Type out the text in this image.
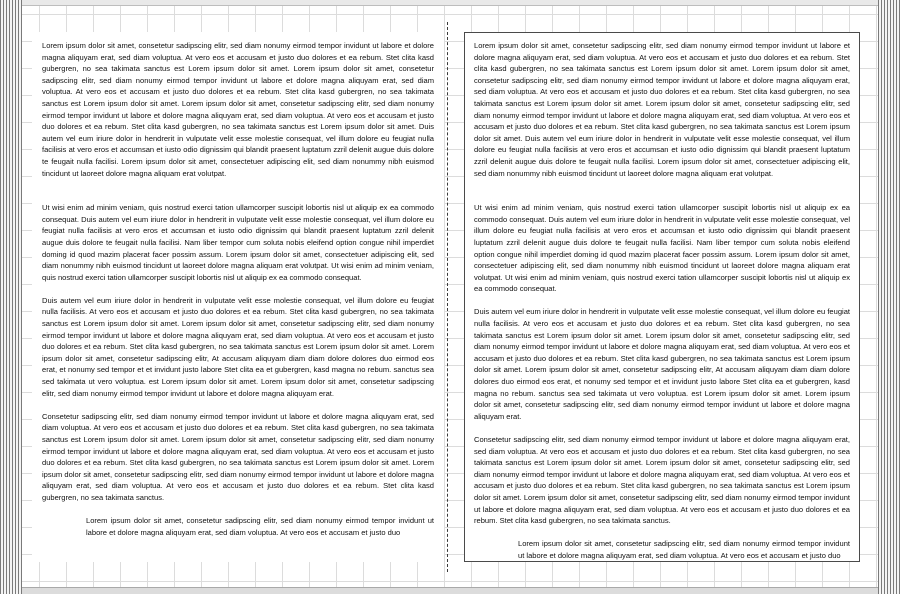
Lorem ipsum dolor sit amet, consetetur sadipscing elitr, sed diam nonumy eirmod tempor invidunt ut labore et dolore magna aliquyam erat, sed diam voluptua. At vero eos et accusam et justo duo dolores et ea rebum. Stet clita kasd gubergren, no sea takimata sanctus est Lorem ipsum dolor sit amet. Lorem ipsum dolor sit amet, consetetur sadipscing elitr, sed diam nonumy eirmod tempor invidunt ut labore et dolore magna aliquyam erat, sed diam voluptua. At vero eos et accusam et justo duo dolores et ea rebum. Stet clita kasd gubergren, no sea takimata sanctus est Lorem ipsum dolor sit amet. Lorem ipsum dolor sit amet, consetetur sadipscing elitr, sed diam nonumy eirmod tempor invidunt ut labore et dolore magna aliquyam erat, sed diam voluptua. At vero eos et accusam et justo duo dolores et ea rebum. Stet clita kasd gubergren, no sea takimata sanctus est Lorem ipsum dolor sit amet. Duis autem vel eum iriure dolor in hendrerit in vulputate velit esse molestie consequat, vel illum dolore eu feugiat nulla facilisis at vero eros et accumsan et iusto odio dignissim qui blandit praesent luptatum zzril delenit augue duis dolore te feugait nulla facilisi. Lorem ipsum dolor sit amet, consectetuer adipiscing elit, sed diam nonummy nibh euismod tincidunt ut laoreet dolore magna aliquam erat volutpat.

Ut wisi enim ad minim veniam, quis nostrud exerci tation ullamcorper suscipit lobortis nisl ut aliquip ex ea commodo consequat. Duis autem vel eum iriure dolor in hendrerit in vulputate velit esse molestie consequat, vel illum dolore eu feugiat nulla facilisis at vero eros et accumsan et iusto odio dignissim qui blandit praesent luptatum zzril delenit augue duis dolore te feugait nulla facilisi. Nam liber tempor cum soluta nobis eleifend option congue nihil imperdiet doming id quod mazim placerat facer possim assum. Lorem ipsum dolor sit amet, consectetuer adipiscing elit, sed diam nonummy nibh euismod tincidunt ut laoreet dolore magna aliquam erat volutpat. Ut wisi enim ad minim veniam, quis nostrud exerci tation ullamcorper suscipit lobortis nisl ut aliquip ex ea commodo consequat.

Duis autem vel eum iriure dolor in hendrerit in vulputate velit esse molestie consequat, vel illum dolore eu feugiat nulla facilisis. At vero eos et accusam et justo duo dolores et ea rebum. Stet clita kasd gubergren, no sea takimata sanctus est Lorem ipsum dolor sit amet. Lorem ipsum dolor sit amet, consetetur sadipscing elitr, sed diam nonumy eirmod tempor invidunt ut labore et dolore magna aliquyam erat, sed diam voluptua. At vero eos et accusam et justo duo dolores et ea rebum. Stet clita kasd gubergren, no sea takimata sanctus est Lorem ipsum dolor sit amet. Lorem ipsum dolor sit amet, consetetur sadipscing elitr, At accusam aliquyam diam diam dolore dolores duo eirmod eos erat, et nonumy sed tempor et et invidunt justo labore Stet clita ea et gubergren, kasd magna no rebum. sanctus sea sed takimata ut vero voluptua. est Lorem ipsum dolor sit amet. Lorem ipsum dolor sit amet, consetetur sadipscing elitr, sed diam nonumy eirmod tempor invidunt ut labore et dolore magna aliquyam erat.

Consetetur sadipscing elitr, sed diam nonumy eirmod tempor invidunt ut labore et dolore magna aliquyam erat, sed diam voluptua. At vero eos et accusam et justo duo dolores et ea rebum. Stet clita kasd gubergren, no sea takimata sanctus est Lorem ipsum dolor sit amet. Lorem ipsum dolor sit amet, consetetur sadipscing elitr, sed diam nonumy eirmod tempor invidunt ut labore et dolore magna aliquyam erat, sed diam voluptua. At vero eos et accusam et justo duo dolores et ea rebum. Stet clita kasd gubergren, no sea takimata sanctus est Lorem ipsum dolor sit amet. Lorem ipsum dolor sit amet, consetetur sadipscing elitr, sed diam nonumy eirmod tempor invidunt ut labore et dolore magna aliquyam erat, sed diam voluptua. At vero eos et accusam et justo duo dolores et ea rebum. Stet clita kasd gubergren, no sea takimata sanctus.

Lorem ipsum dolor sit amet, consetetur sadipscing elitr, sed diam nonumy eirmod tempor invidunt ut labore et dolore magna aliquyam erat, sed diam voluptua. At vero eos et accusam et justo duo

Lorem ipsum dolor sit amet, consetetur sadipscing elitr, sed diam nonumy eirmod tempor invidunt ut labore et dolore magna aliquyam erat, sed diam voluptua. At vero eos et accusam et justo duo dolores et ea rebum. Stet clita kasd gubergren, no sea takimata sanctus est Lorem ipsum dolor sit amet. Lorem ipsum dolor sit amet, consetetur sadipscing elitr, sed diam nonumy eirmod tempor invidunt ut labore et dolore magna aliquyam erat, sed diam voluptua. At vero eos et accusam et justo duo dolores et ea rebum. Stet clita kasd gubergren, no sea takimata sanctus est Lorem ipsum dolor sit amet. Lorem ipsum dolor sit amet, consetetur sadipscing elitr, sed diam nonumy eirmod tempor invidunt ut labore et dolore magna aliquyam erat, sed diam voluptua. At vero eos et accusam et justo duo dolores et ea rebum. Stet clita kasd gubergren, no sea takimata sanctus est Lorem ipsum dolor sit amet. Duis autem vel eum iriure dolor in hendrerit in vulputate velit esse molestie consequat, vel illum dolore eu feugiat nulla facilisis at vero eros et accumsan et iusto odio dignissim qui blandit praesent luptatum zzril delenit augue duis dolore te feugait nulla facilisi. Lorem ipsum dolor sit amet, consectetuer adipiscing elit, sed diam nonummy nibh euismod tincidunt ut laoreet dolore magna aliquam erat volutpat.

Ut wisi enim ad minim veniam, quis nostrud exerci tation ullamcorper suscipit lobortis nisl ut aliquip ex ea commodo consequat. Duis autem vel eum iriure dolor in hendrerit in vulputate velit esse molestie consequat, vel illum dolore eu feugiat nulla facilisis at vero eros et accumsan et iusto odio dignissim qui blandit praesent luptatum zzril delenit augue duis dolore te feugait nulla facilisi. Nam liber tempor cum soluta nobis eleifend option congue nihil imperdiet doming id quod mazim placerat facer possim assum. Lorem ipsum dolor sit amet, consectetuer adipiscing elit, sed diam nonummy nibh euismod tincidunt ut laoreet dolore magna aliquam erat volutpat. Ut wisi enim ad minim veniam, quis nostrud exerci tation ullamcorper suscipit lobortis nisl ut aliquip ex ea commodo consequat.

Duis autem vel eum iriure dolor in hendrerit in vulputate velit esse molestie consequat, vel illum dolore eu feugiat nulla facilisis. At vero eos et accusam et justo duo dolores et ea rebum. Stet clita kasd gubergren, no sea takimata sanctus est Lorem ipsum dolor sit amet. Lorem ipsum dolor sit amet, consetetur sadipscing elitr, sed diam nonumy eirmod tempor invidunt ut labore et dolore magna aliquyam erat, sed diam voluptua. At vero eos et accusam et justo duo dolores et ea rebum. Stet clita kasd gubergren, no sea takimata sanctus est Lorem ipsum dolor sit amet. Lorem ipsum dolor sit amet, consetetur sadipscing elitr, At accusam aliquyam diam diam dolore dolores duo eirmod eos erat, et nonumy sed tempor et et invidunt justo labore Stet clita ea et gubergren, kasd magna no rebum. sanctus sea sed takimata ut vero voluptua. est Lorem ipsum dolor sit amet. Lorem ipsum dolor sit amet, consetetur sadipscing elitr, sed diam nonumy eirmod tempor invidunt ut labore et dolore magna aliquyam erat.

Consetetur sadipscing elitr, sed diam nonumy eirmod tempor invidunt ut labore et dolore magna aliquyam erat, sed diam voluptua. At vero eos et accusam et justo duo dolores et ea rebum. Stet clita kasd gubergren, no sea takimata sanctus est Lorem ipsum dolor sit amet. Lorem ipsum dolor sit amet, consetetur sadipscing elitr, sed diam nonumy eirmod tempor invidunt ut labore et dolore magna aliquyam erat, sed diam voluptua. At vero eos et accusam et justo duo dolores et ea rebum. Stet clita kasd gubergren, no sea takimata sanctus est Lorem ipsum dolor sit amet. Lorem ipsum dolor sit amet, consetetur sadipscing elitr, sed diam nonumy eirmod tempor invidunt ut labore et dolore magna aliquyam erat, sed diam voluptua. At vero eos et accusam et justo duo dolores et ea rebum. Stet clita kasd gubergren, no sea takimata sanctus.

Lorem ipsum dolor sit amet, consetetur sadipscing elitr, sed diam nonumy eirmod tempor invidunt ut labore et dolore magna aliquyam erat, sed diam voluptua. At vero eos et accusam et justo duo
